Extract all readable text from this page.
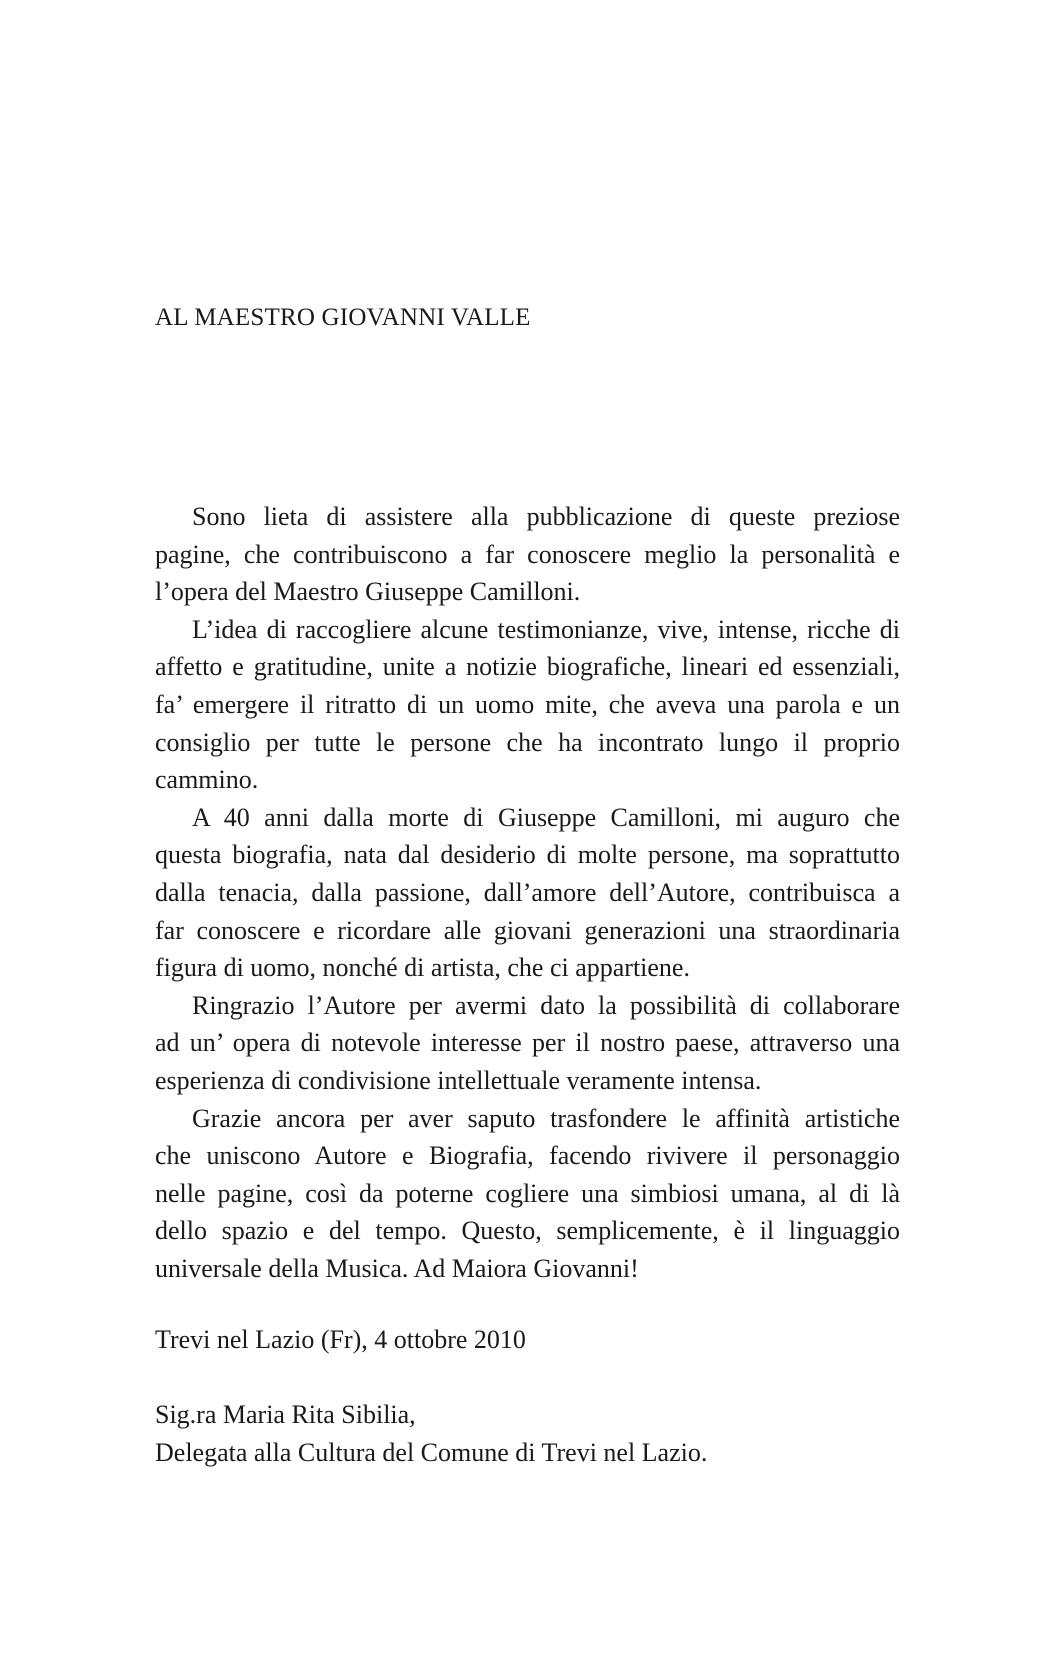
AL MAESTRO GIOVANNI VALLE

Sono lieta di assistere alla pubblicazione di queste preziose
pagine, che contribuiscono a far conoscere meglio la personalità e
l’opera del Maestro Giuseppe Camilloni.

L’idea di raccogliere alcune testimonianze, vive, intense, ricche di
affetto e gratitudine, unite a notizie biografiche, lineari ed essenziali,
fa’ emergere il ritratto di un uomo mite, che aveva una parola e un
consiglio per tutte le persone che ha incontrato lungo il proprio
cammino.

A 40 anni dalla morte di Giuseppe Camilloni, mi auguro che
questa biografia, nata dal desiderio di molte persone, ma soprattutto
dalla tenacia, dalla passione, dall’amore dell’Autore, contribuisca a
far conoscere e ricordare alle giovani generazioni una straordinaria
figura di uomo, nonché di artista, che ci appartiene.

Ringrazio l’Autore per avermi dato la possibilità di collaborare
ad un’ opera di notevole interesse per il nostro paese, attraverso una
esperienza di condivisione intellettuale veramente intensa.

Grazie ancora per aver saputo trasfondere le affinità artistiche
che uniscono Autore e Biografia, facendo rivivere il personaggio
nelle pagine, così da poterne cogliere una simbiosi umana, al di là
dello spazio e del tempo. Questo, semplicemente, è il linguaggio
universale della Musica. Ad Maiora Giovanni!

Trevi nel Lazio (Fr), 4 ottobre 2010
Sig.ra Maria Rita Sibilia,
Delegata alla Cultura del Comune di Trevi nel Lazio.
